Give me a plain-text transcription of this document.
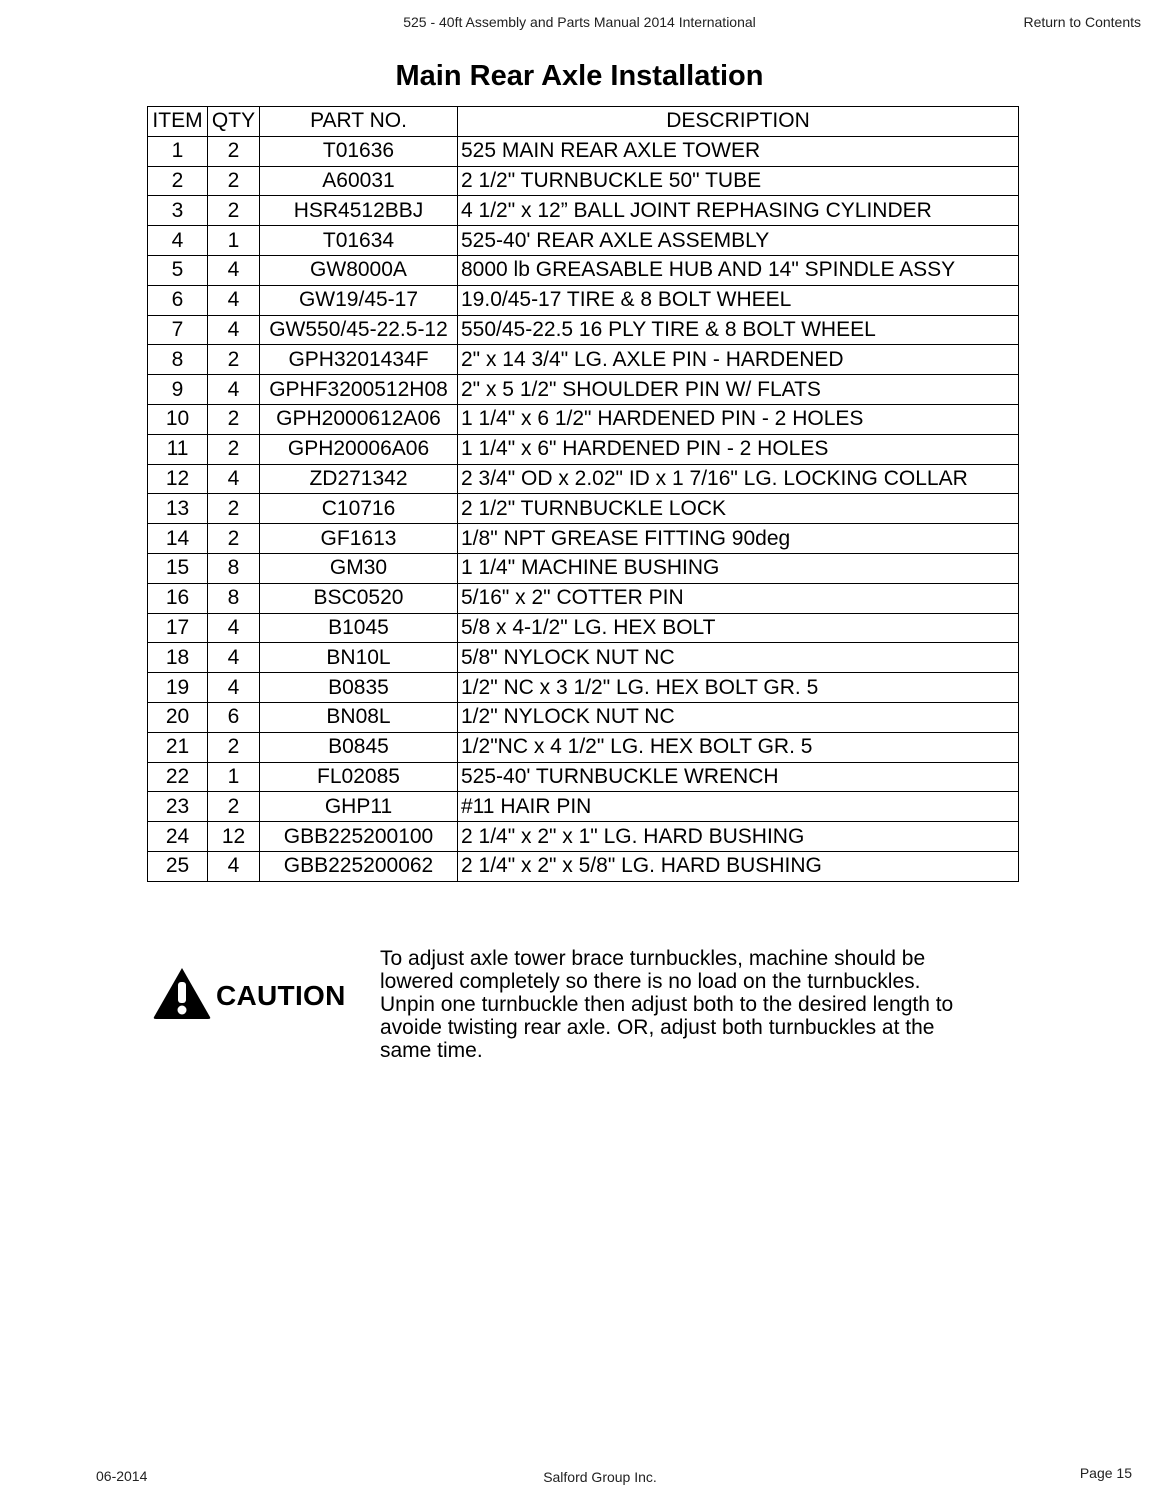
525 - 40ft Assembly and Parts Manual 2014 International	Return to Contents
Main Rear Axle Installation
ITEM	QTY	PART NO.	DESCRIPTION
1	2	T01636	525 MAIN REAR AXLE TOWER
2	2	A60031	2 1/2" TURNBUCKLE 50" TUBE
3	2	HSR4512BBJ	4 1/2" x 12” BALL JOINT REPHASING CYLINDER
4	1	T01634	525-40' REAR AXLE ASSEMBLY
5	4	GW8000A	8000 lb GREASABLE HUB AND 14" SPINDLE ASSY
6	4	GW19/45-17	19.0/45-17 TIRE & 8 BOLT WHEEL
7	4	GW550/45-22.5-12	550/45-22.5 16 PLY TIRE & 8 BOLT WHEEL
8	2	GPH3201434F	2" x 14 3/4" LG. AXLE PIN - HARDENED
9	4	GPHF3200512H08	2" x 5 1/2" SHOULDER PIN W/ FLATS
10	2	GPH2000612A06	1 1/4" x 6 1/2" HARDENED PIN - 2 HOLES
11	2	GPH20006A06	1 1/4" x 6" HARDENED PIN - 2 HOLES
12	4	ZD271342	2 3/4" OD x 2.02" ID x 1 7/16" LG. LOCKING COLLAR
13	2	C10716	2 1/2" TURNBUCKLE LOCK
14	2	GF1613	1/8" NPT GREASE FITTING 90deg
15	8	GM30	1 1/4" MACHINE BUSHING
16	8	BSC0520	5/16" x 2" COTTER PIN
17	4	B1045	5/8 x 4-1/2" LG. HEX BOLT
18	4	BN10L	5/8" NYLOCK NUT NC
19	4	B0835	1/2" NC x 3 1/2" LG. HEX BOLT GR. 5
20	6	BN08L	1/2" NYLOCK NUT NC
21	2	B0845	1/2"NC x 4 1/2" LG. HEX BOLT GR. 5
22	1	FL02085	525-40' TURNBUCKLE WRENCH
23	2	GHP11	#11 HAIR PIN
24	12	GBB225200100	2 1/4" x 2" x 1" LG. HARD BUSHING
25	4	GBB225200062	2 1/4" x 2" x 5/8" LG. HARD BUSHING
CAUTION
To adjust axle tower brace turnbuckles, machine should be
lowered completely so there is no load on the turnbuckles.
Unpin one turnbuckle then adjust both to the desired length to
avoide twisting rear axle. OR, adjust both turnbuckles at the
same time.
06-2014	Salford Group Inc.	Page 15
